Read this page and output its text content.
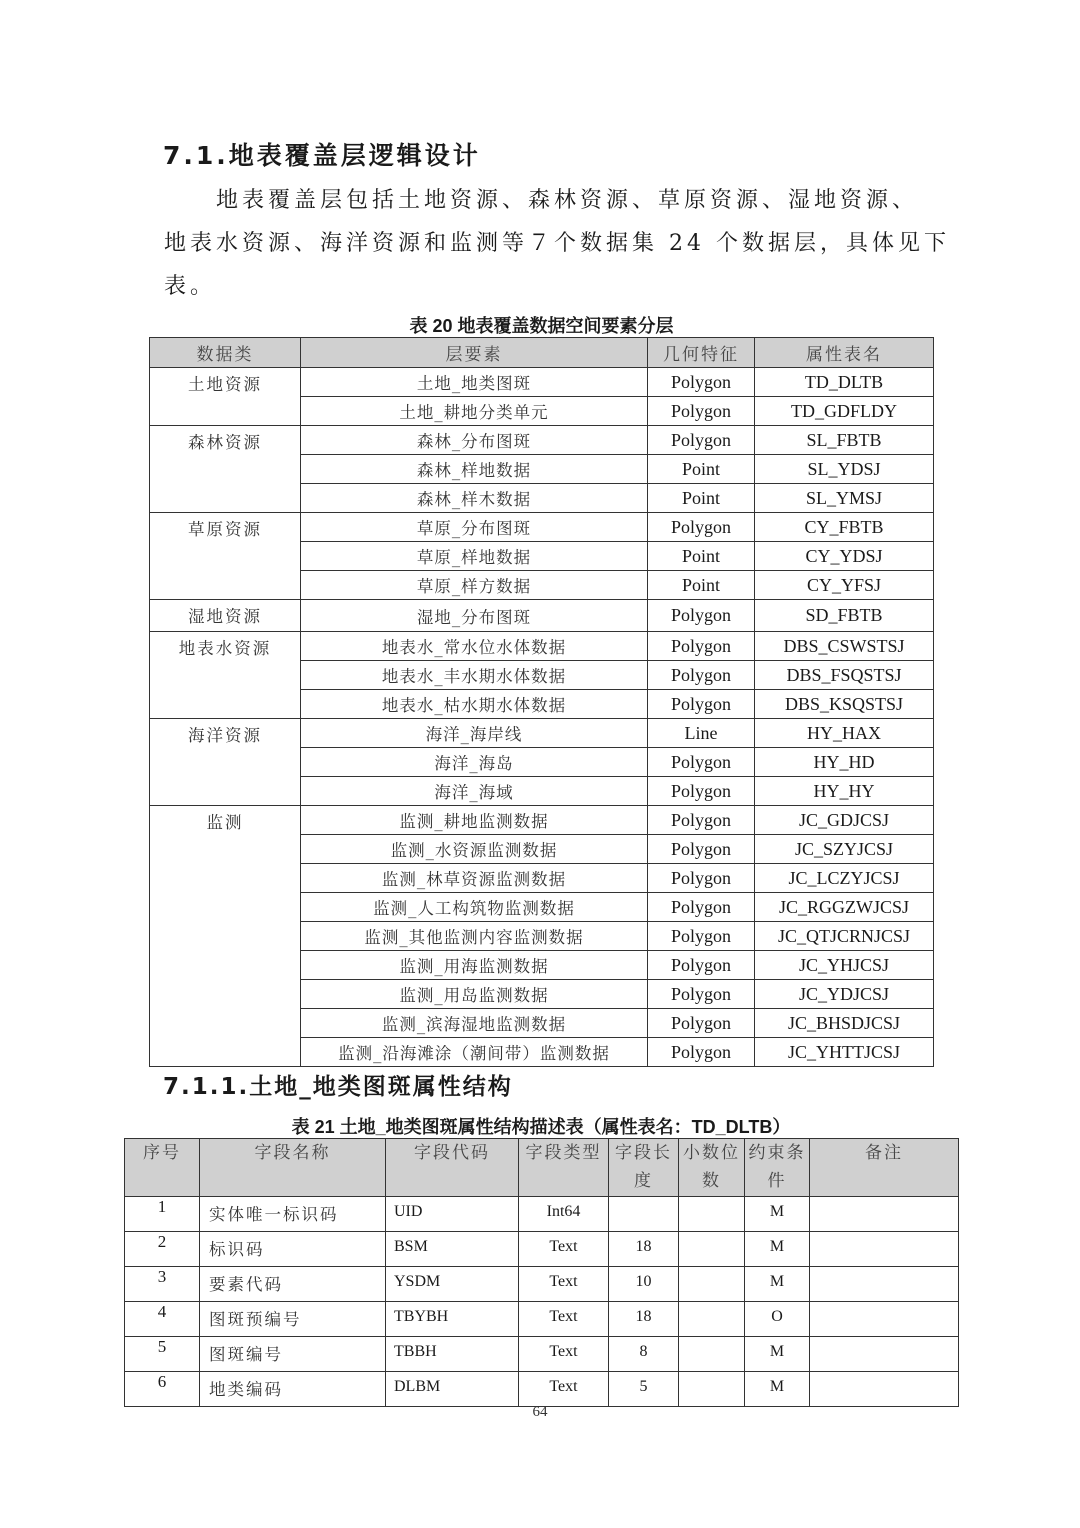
7.1.地表覆盖层逻辑设计
地表覆盖层包括土地资源、森林资源、草原资源、湿地资源、
地表水资源、海洋资源和监测等７个数据集 24 个数据层，具体见下
表。
表 20 地表覆盖数据空间要素分层
数据类	层要素	几何特征	属性表名
土地资源	土地_地类图斑	Polygon	TD_DLTB
	土地_耕地分类单元	Polygon	TD_GDFLDY
森林资源	森林_分布图斑	Polygon	SL_FBTB
	森林_样地数据	Point	SL_YDSJ
	森林_样木数据	Point	SL_YMSJ
草原资源	草原_分布图斑	Polygon	CY_FBTB
	草原_样地数据	Point	CY_YDSJ
	草原_样方数据	Point	CY_YFSJ
湿地资源	湿地_分布图斑	Polygon	SD_FBTB
地表水资源	地表水_常水位水体数据	Polygon	DBS_CSWSTSJ
	地表水_丰水期水体数据	Polygon	DBS_FSQSTSJ
	地表水_枯水期水体数据	Polygon	DBS_KSQSTSJ
海洋资源	海洋_海岸线	Line	HY_HAX
	海洋_海岛	Polygon	HY_HD
	海洋_海域	Polygon	HY_HY
监测	监测_耕地监测数据	Polygon	JC_GDJCSJ
	监测_水资源监测数据	Polygon	JC_SZYJCSJ
	监测_林草资源监测数据	Polygon	JC_LCZYJCSJ
	监测_人工构筑物监测数据	Polygon	JC_RGGZWJCSJ
	监测_其他监测内容监测数据	Polygon	JC_QTJCRNJCSJ
	监测_用海监测数据	Polygon	JC_YHJCSJ
	监测_用岛监测数据	Polygon	JC_YDJCSJ
	监测_滨海湿地监测数据	Polygon	JC_BHSDJCSJ
	监测_沿海滩涂（潮间带）监测数据	Polygon	JC_YHTTJCSJ
7.1.1.土地_地类图斑属性结构
表 21 土地_地类图斑属性结构描述表（属性表名：TD_DLTB）
序号	字段名称	字段代码	字段类型	字段长度	小数位数	约束条件	备注
1	实体唯一标识码	UID	Int64			M	
2	标识码	BSM	Text	18		M	
3	要素代码	YSDM	Text	10		M	
4	图斑预编号	TBYBH	Text	18		O	
5	图斑编号	TBBH	Text	8		M	
6	地类编码	DLBM	Text	5		M	
64
